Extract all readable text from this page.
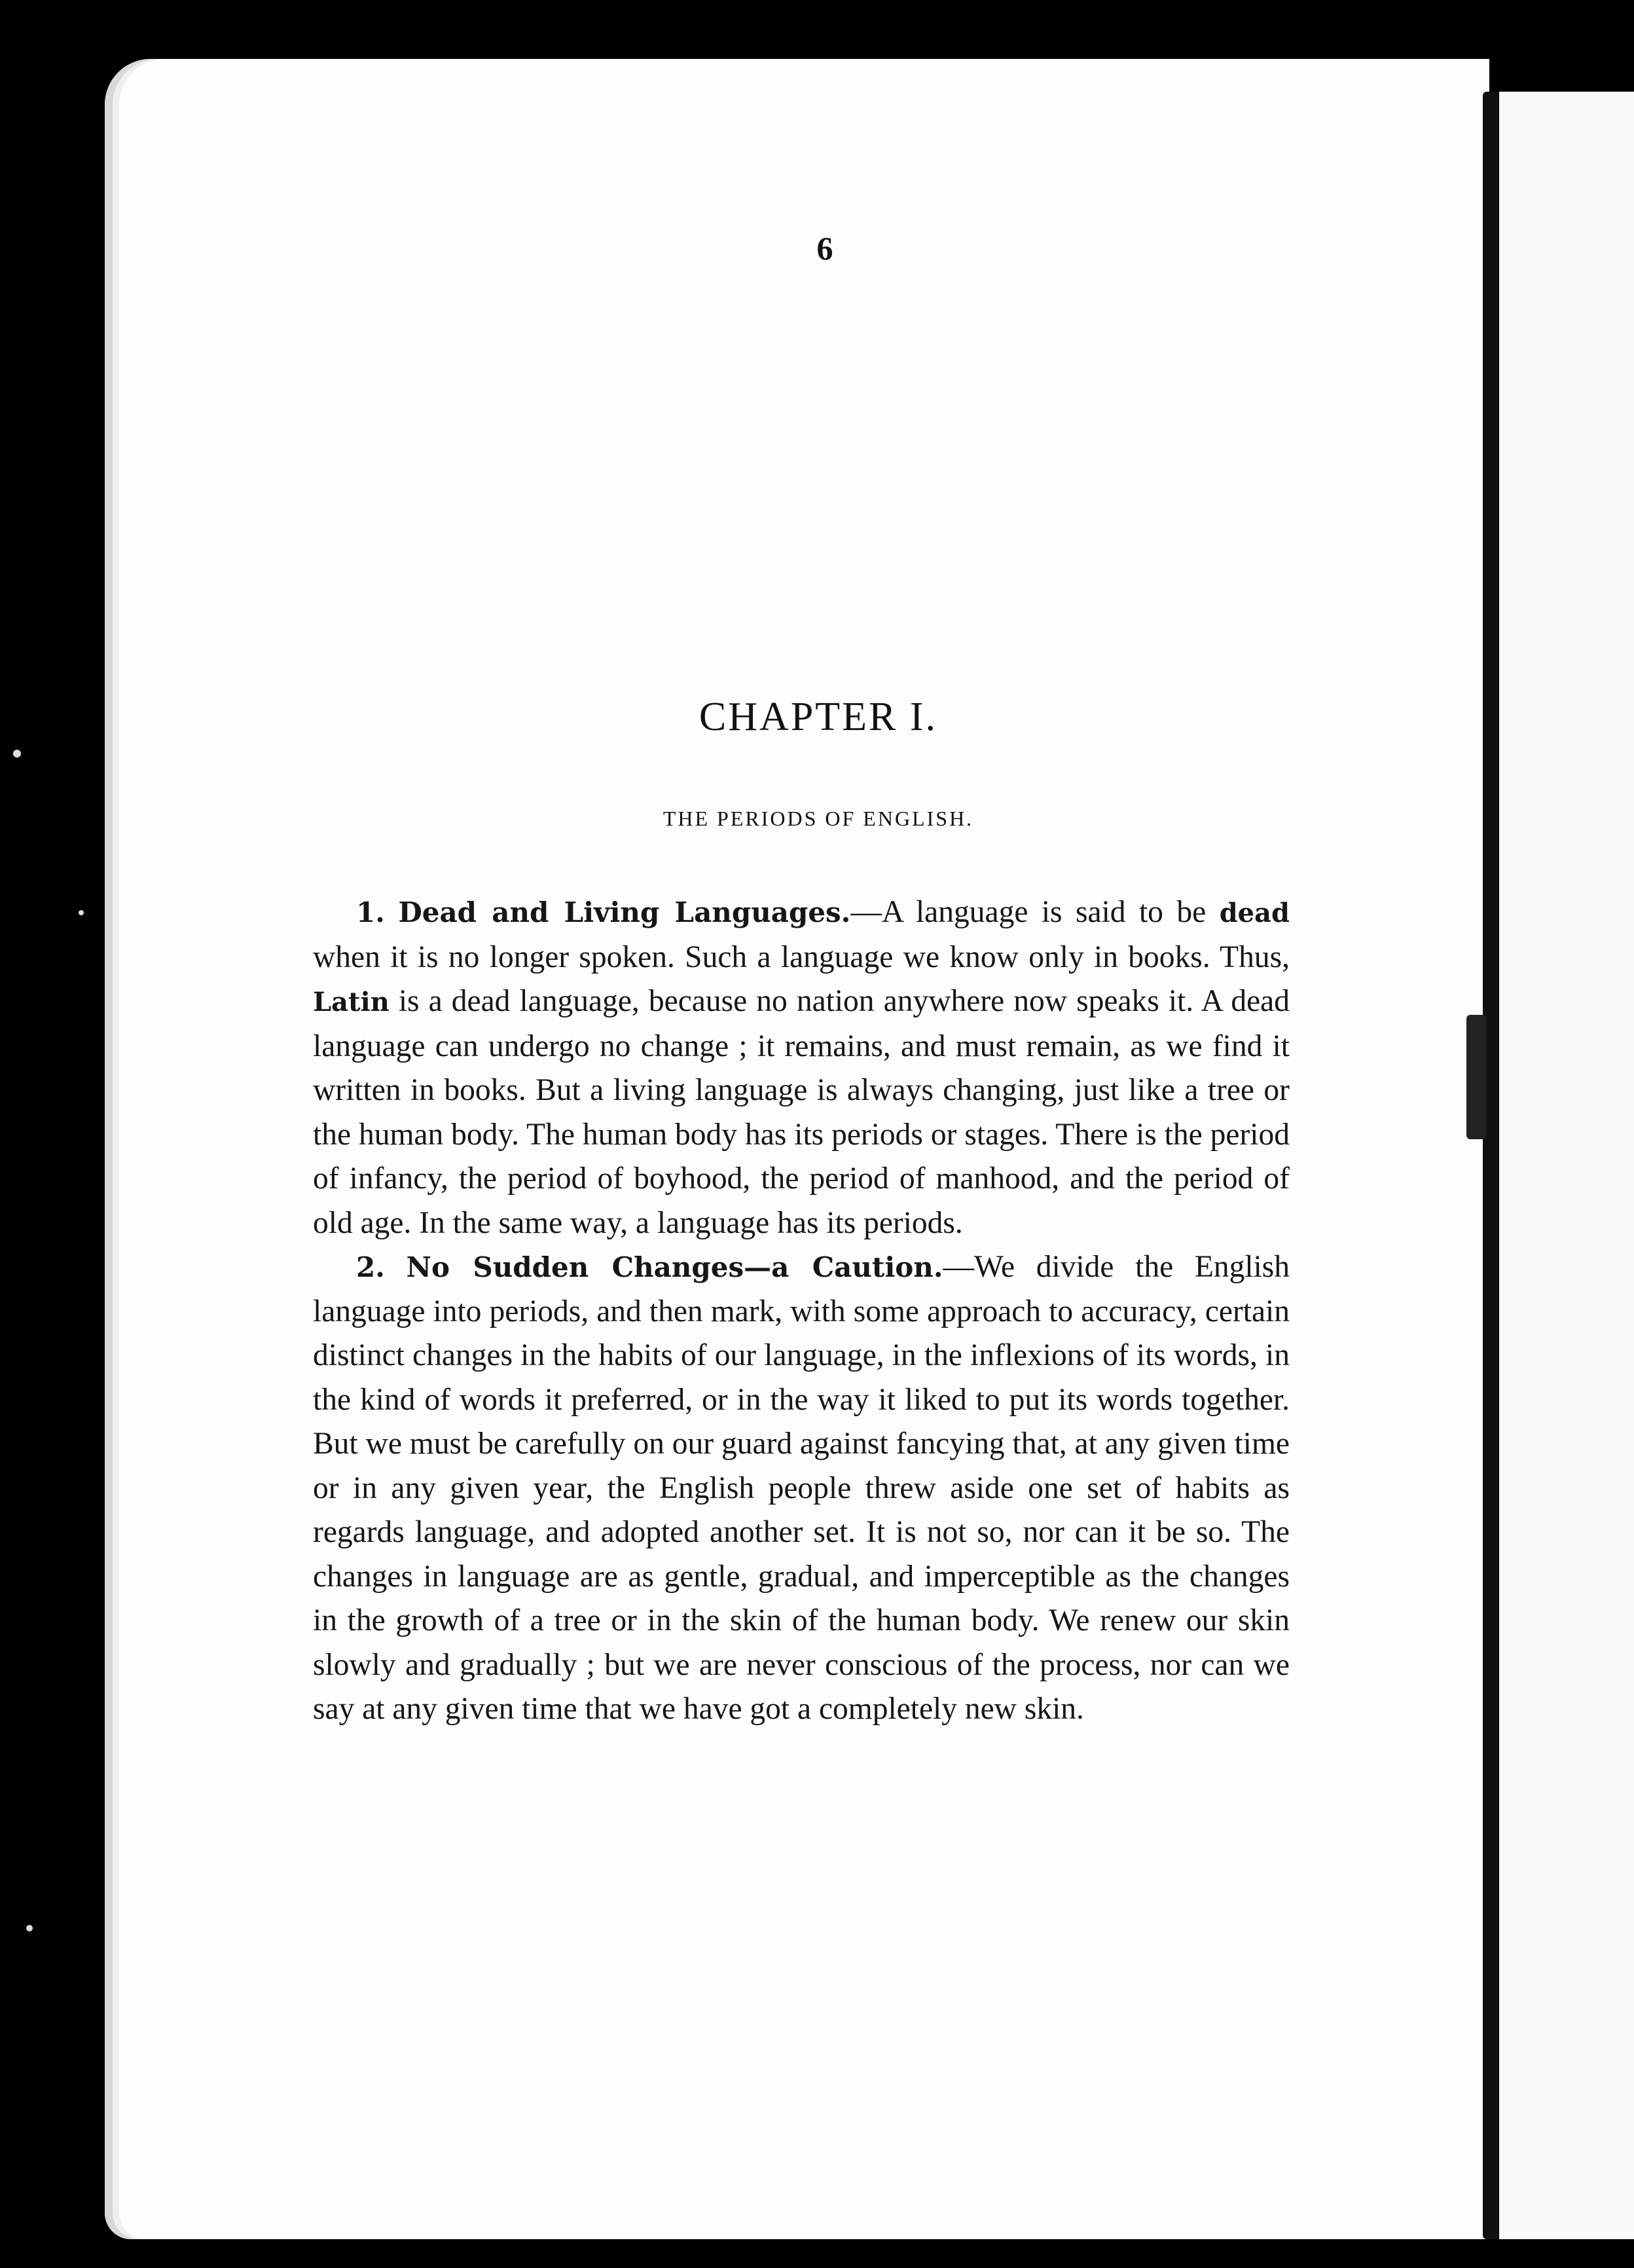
6
CHAPTER I.
THE PERIODS OF ENGLISH.

1. Dead and Living Languages.—A language is said to be dead when it is no longer spoken. Such a language we know only in books. Thus, Latin is a dead language, because no nation anywhere now speaks it. A dead language can undergo no change ; it remains, and must remain, as we find it written in books. But a living language is always changing, just like a tree or the human body. The human body has its periods or stages. There is the period of infancy, the period of boyhood, the period of manhood, and the period of old age. In the same way, a language has its periods.

2. No Sudden Changes—a Caution.—We divide the English language into periods, and then mark, with some approach to accuracy, certain distinct changes in the habits of our language, in the inflexions of its words, in the kind of words it preferred, or in the way it liked to put its words together. But we must be carefully on our guard against fancying that, at any given time or in any given year, the English people threw aside one set of habits as regards language, and adopted another set. It is not so, nor can it be so. The changes in language are as gentle, gradual, and imperceptible as the changes in the growth of a tree or in the skin of the human body. We renew our skin slowly and gradually ; but we are never conscious of the process, nor can we say at any given time that we have got a completely new skin.
